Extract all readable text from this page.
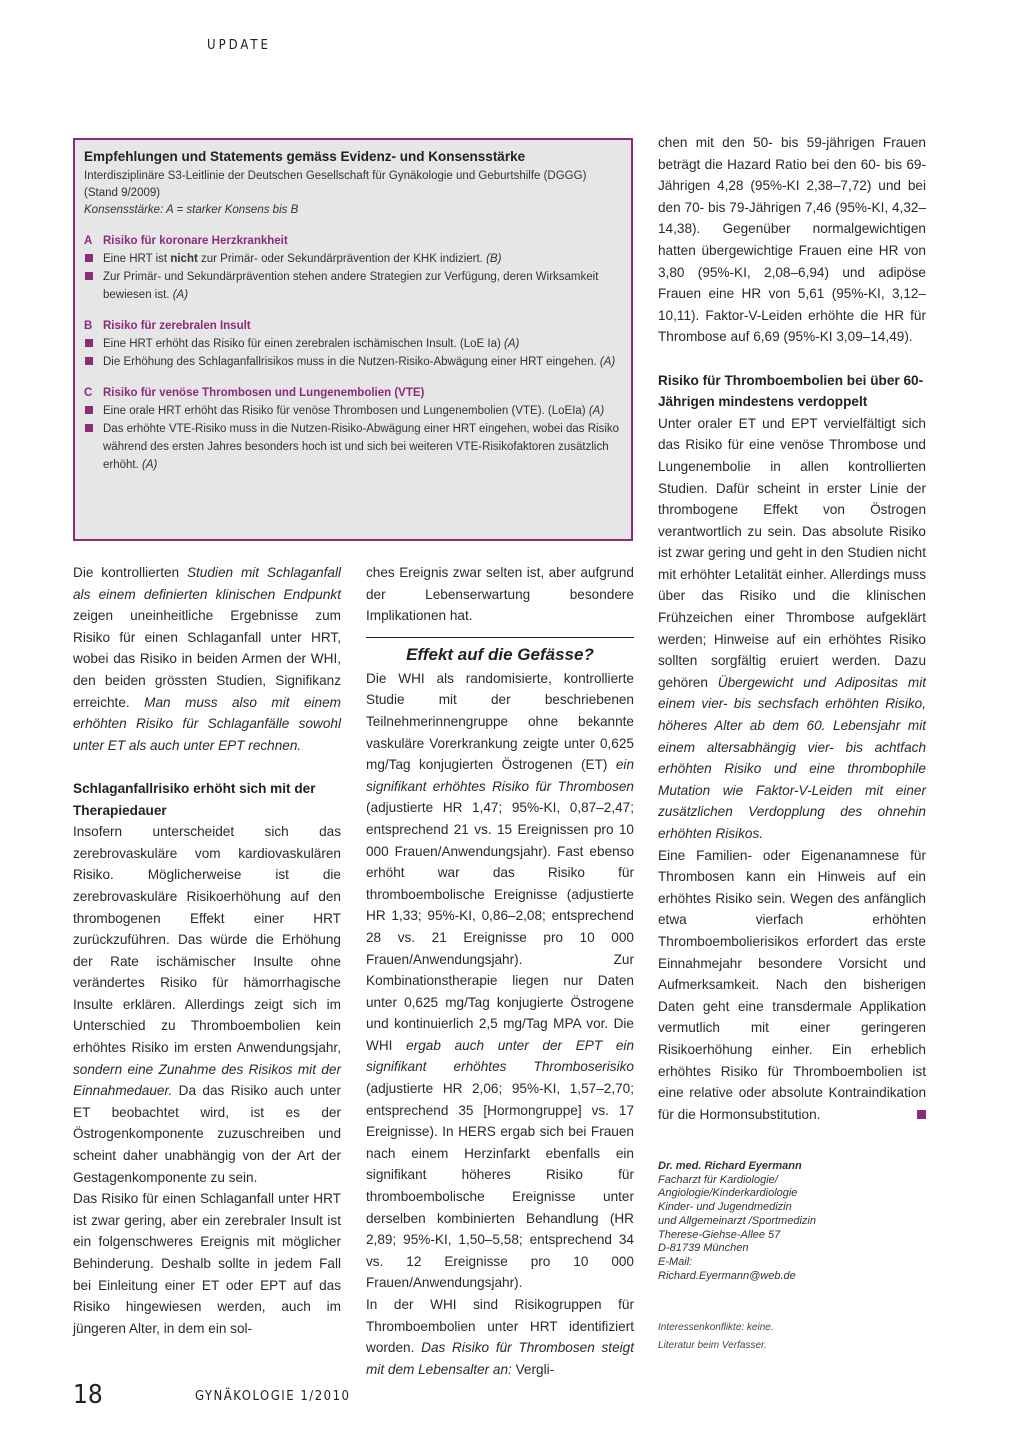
UPDATE
Empfehlungen und Statements gemäss Evidenz- und Konsensstärke
Interdisziplinäre S3-Leitlinie der Deutschen Gesellschaft für Gynäkologie und Geburtshilfe (DGGG) (Stand 9/2009)
Konsensstärke: A = starker Konsens bis B
A Risiko für koronare Herzkrankheit
Eine HRT ist nicht zur Primär- oder Sekundärprävention der KHK indiziert. (B)
Zur Primär- und Sekundärprävention stehen andere Strategien zur Verfügung, deren Wirksamkeit bewiesen ist. (A)
B Risiko für zerebralen Insult
Eine HRT erhöht das Risiko für einen zerebralen ischämischen Insult. (LoE Ia) (A)
Die Erhöhung des Schlaganfallrisikos muss in die Nutzen-Risiko-Abwägung einer HRT eingehen. (A)
C Risiko für venöse Thrombosen und Lungenembolien (VTE)
Eine orale HRT erhöht das Risiko für venöse Thrombosen und Lungenembolien (VTE). (LoEIa) (A)
Das erhöhte VTE-Risiko muss in die Nutzen-Risiko-Abwägung einer HRT eingehen, wobei das Risiko während des ersten Jahres besonders hoch ist und sich bei weiteren VTE-Risikofaktoren zusätzlich erhöht. (A)

Die kontrollierten Studien mit Schlaganfall als einem definierten klinischen Endpunkt zeigen uneinheitliche Ergebnisse zum Risiko für einen Schlaganfall unter HRT, wobei das Risiko in beiden Armen der WHI, den beiden grössten Studien, Signifikanz erreichte. Man muss also mit einem erhöhten Risiko für Schlaganfälle sowohl unter ET als auch unter EPT rechnen.

Schlaganfallrisiko erhöht sich mit der Therapiedauer

Insofern unterscheidet sich das zerebrovaskuläre vom kardiovaskulären Risiko. Möglicherweise ist die zerebrovaskuläre Risikoerhöhung auf den thrombogenen Effekt einer HRT zurückzuführen. Das würde die Erhöhung der Rate ischämischer Insulte ohne verändertes Risiko für hämorrhagische Insulte erklären. Allerdings zeigt sich im Unterschied zu Thromboembolien kein erhöhtes Risiko im ersten Anwendungsjahr, sondern eine Zunahme des Risikos mit der Einnahmedauer. Da das Risiko auch unter ET beobachtet wird, ist es der Östrogenkomponente zuzuschreiben und scheint daher unabhängig von der Art der Gestagenkomponente zu sein.

Das Risiko für einen Schlaganfall unter HRT ist zwar gering, aber ein zerebraler Insult ist ein folgenschweres Ereignis mit möglicher Behinderung. Deshalb sollte in jedem Fall bei Einleitung einer ET oder EPT auf das Risiko hingewiesen werden, auch im jüngeren Alter, in dem ein sol-

ches Ereignis zwar selten ist, aber aufgrund der Lebenserwartung besondere Implikationen hat.

Effekt auf die Gefässe?

Die WHI als randomisierte, kontrollierte Studie mit der beschriebenen Teilnehmerinnengruppe ohne bekannte vaskuläre Vorerkrankung zeigte unter 0,625 mg/Tag konjugierten Östrogenen (ET) ein signifikant erhöhtes Risiko für Thrombosen (adjustierte HR 1,47; 95%-KI, 0,87–2,47; entsprechend 21 vs. 15 Ereignissen pro 10 000 Frauen/Anwendungsjahr). Fast ebenso erhöht war das Risiko für thromboembolische Ereignisse (adjustierte HR 1,33; 95%-KI, 0,86–2,08; entsprechend 28 vs. 21 Ereignisse pro 10 000 Frauen/Anwendungsjahr). Zur Kombinationstherapie liegen nur Daten unter 0,625 mg/Tag konjugierte Östrogene und kontinuierlich 2,5 mg/Tag MPA vor. Die WHI ergab auch unter der EPT ein signifikant erhöhtes Thromboserisiko (adjustierte HR 2,06; 95%-KI, 1,57–2,70; entsprechend 35 [Hormongruppe] vs. 17 Ereignisse). In HERS ergab sich bei Frauen nach einem Herzinfarkt ebenfalls ein signifikant höheres Risiko für thromboembolische Ereignisse unter derselben kombinierten Behandlung (HR 2,89; 95%-KI, 1,50–5,58; entsprechend 34 vs. 12 Ereignisse pro 10 000 Frauen/Anwendungsjahr).

In der WHI sind Risikogruppen für Thromboembolien unter HRT identifiziert worden. Das Risiko für Thrombosen steigt mit dem Lebensalter an: Vergli-

chen mit den 50- bis 59-jährigen Frauen beträgt die Hazard Ratio bei den 60- bis 69-Jährigen 4,28 (95%-KI 2,38–7,72) und bei den 70- bis 79-Jährigen 7,46 (95%-KI, 4,32–14,38). Gegenüber normalgewichtigen hatten übergewichtige Frauen eine HR von 3,80 (95%-KI, 2,08–6,94) und adipöse Frauen eine HR von 5,61 (95%-KI, 3,12–10,11). Faktor-V-Leiden erhöhte die HR für Thrombose auf 6,69 (95%-KI 3,09–14,49).

Risiko für Thromboembolien bei über 60-Jährigen mindestens verdoppelt

Unter oraler ET und EPT vervielfältigt sich das Risiko für eine venöse Thrombose und Lungenembolie in allen kontrollierten Studien. Dafür scheint in erster Linie der thrombogene Effekt von Östrogen verantwortlich zu sein. Das absolute Risiko ist zwar gering und geht in den Studien nicht mit erhöhter Letalität einher. Allerdings muss über das Risiko und die klinischen Frühzeichen einer Thrombose aufgeklärt werden; Hinweise auf ein erhöhtes Risiko sollten sorgfältig eruiert werden. Dazu gehören Übergewicht und Adipositas mit einem vier- bis sechsfach erhöhten Risiko, höheres Alter ab dem 60. Lebensjahr mit einem altersabhängig vier- bis achtfach erhöhten Risiko und eine thrombophile Mutation wie Faktor-V-Leiden mit einer zusätzlichen Verdopplung des ohnehin erhöhten Risikos.

Eine Familien- oder Eigenanamnese für Thrombosen kann ein Hinweis auf ein erhöhtes Risiko sein. Wegen des anfänglich etwa vierfach erhöhten Thromboembolierisikos erfordert das erste Einnahmejahr besondere Vorsicht und Aufmerksamkeit. Nach den bisherigen Daten geht eine transdermale Applikation vermutlich mit einer geringeren Risikoerhöhung einher. Ein erheblich erhöhtes Risiko für Thromboembolien ist eine relative oder absolute Kontraindikation für die Hormonsubstitution.

Dr. med. Richard Eyermann
Facharzt für Kardiologie/
Angiologie/Kinderkardiologie
Kinder- und Jugendmedizin
und Allgemeinarzt /Sportmedizin
Therese-Giehse-Allee 57
D-81739 München
E-Mail:
Richard.Eyermann@web.de
Interessenkonflikte: keine.
Literatur beim Verfasser.
18	GYNÄKOLOGIE 1/2010
